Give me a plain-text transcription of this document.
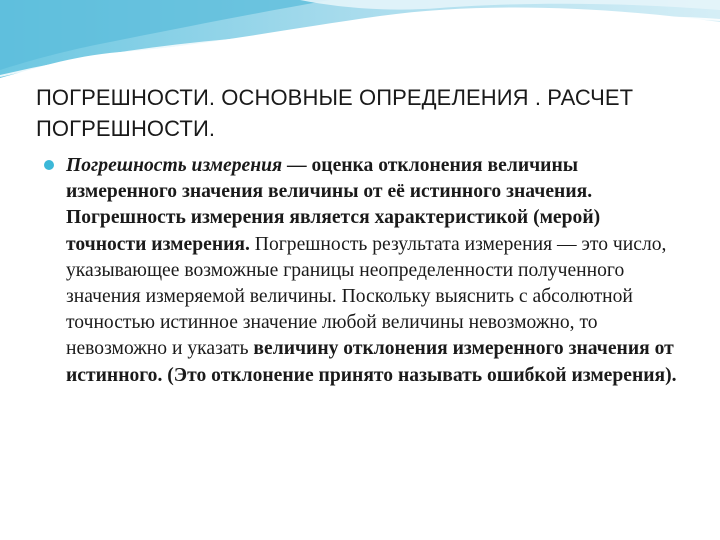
ПОГРЕШНОСТИ. ОСНОВНЫЕ ОПРЕДЕЛЕНИЯ . РАСЧЕТ
ПОГРЕШНОСТИ.

Погрешность измерения — оценка отклонения величины измеренного значения величины от её истинного значения. Погрешность измерения является характеристикой (мерой) точности измерения. Погрешность результата измерения — это число, указывающее возможные границы неопределенности полученного значения измеряемой величины. Поскольку выяснить с абсолютной точностью истинное значение любой величины невозможно, то невозможно и указать величину отклонения измеренного значения от истинного. (Это отклонение принято называть ошибкой измерения).
